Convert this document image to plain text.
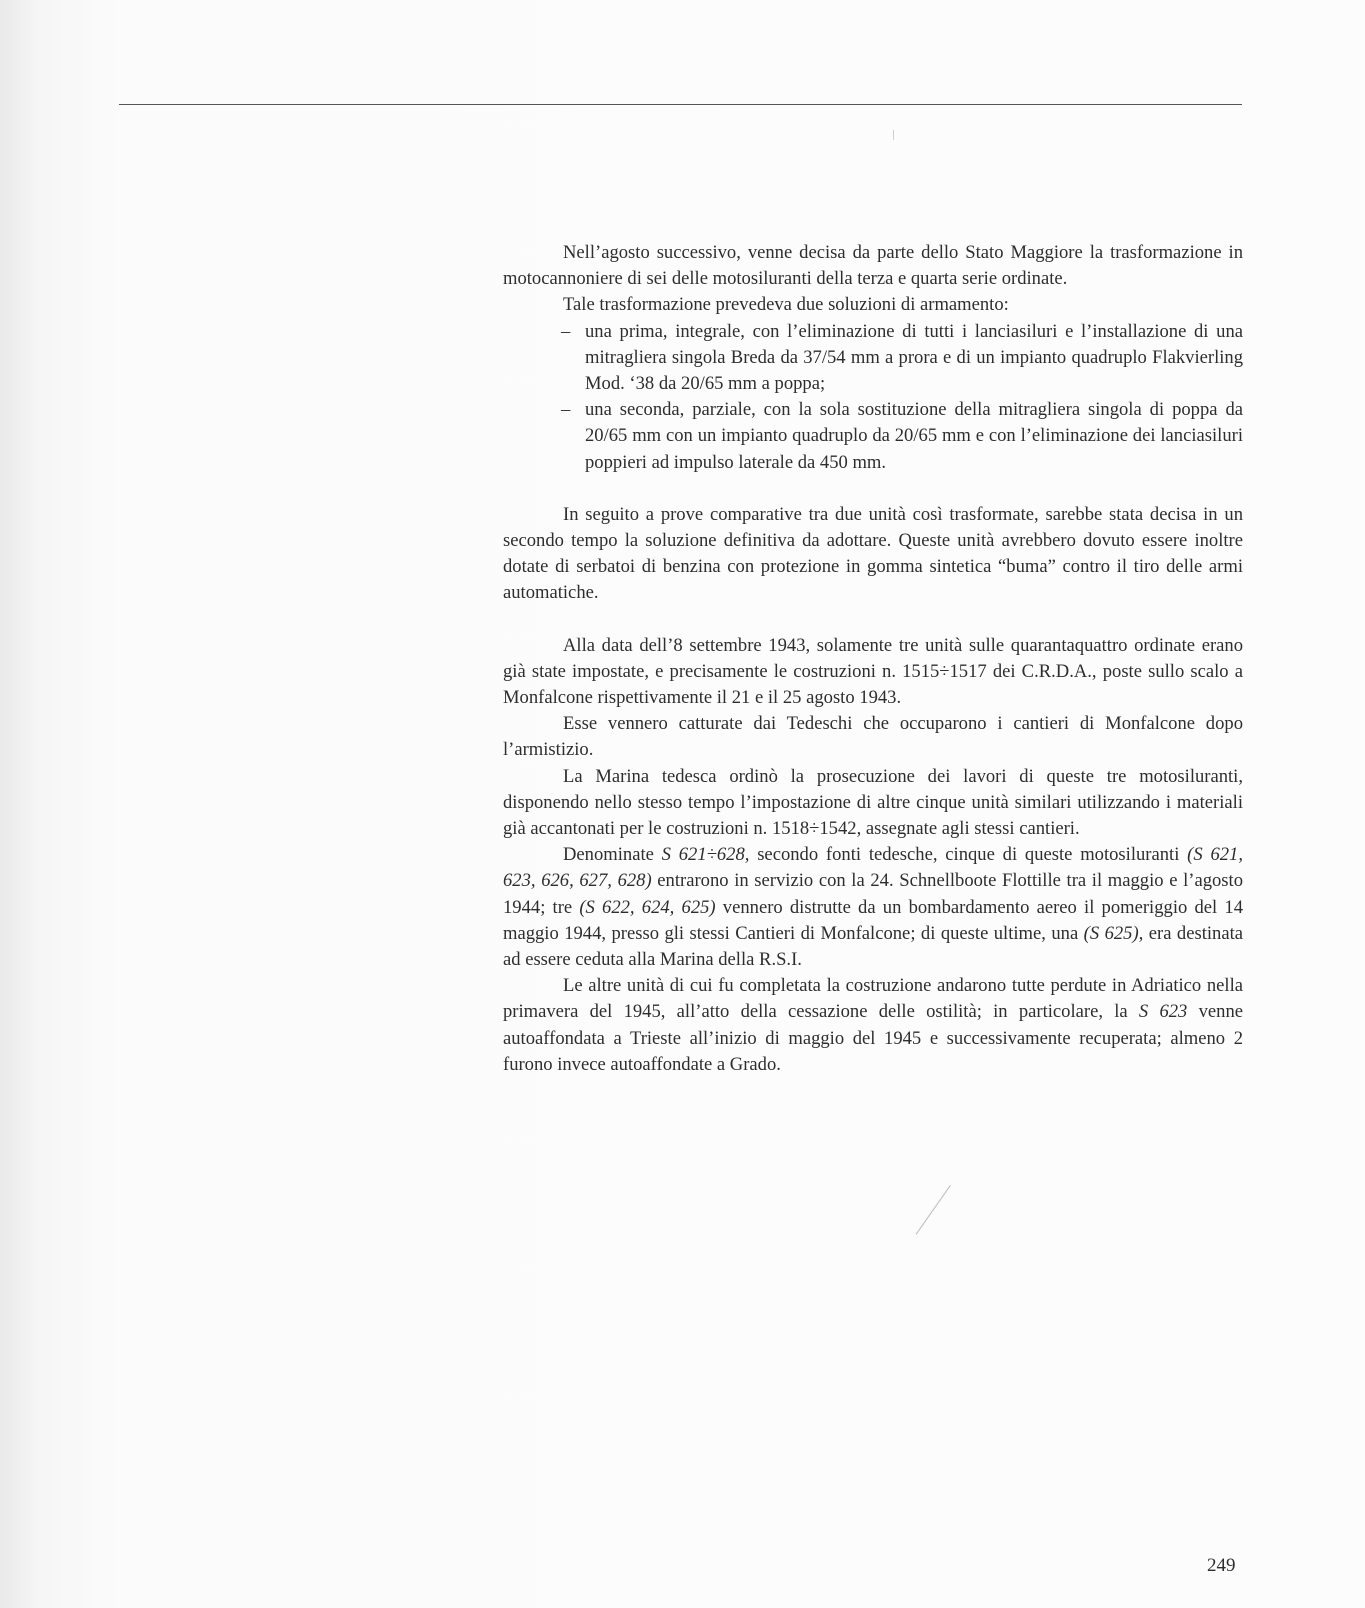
Nell’agosto successivo, venne decisa da parte dello Stato Maggiore la trasformazione in motocannoniere di sei delle motosiluranti della terza e quarta serie ordinate.

Tale trasformazione prevedeva due soluzioni di armamento:

– una prima, integrale, con l’eliminazione di tutti i lanciasiluri e l’installazione di una mitragliera singola Breda da 37/54 mm a prora e di un impianto quadruplo Flakvierling Mod. ‘38 da 20/65 mm a poppa;
– una seconda, parziale, con la sola sostituzione della mitragliera singola di poppa da 20/65 mm con un impianto quadruplo da 20/65 mm e con l’eliminazione dei lanciasiluri poppieri ad impulso laterale da 450 mm.

In seguito a prove comparative tra due unità così trasformate, sarebbe stata decisa in un secondo tempo la soluzione definitiva da adottare. Queste unità avrebbero dovuto essere inoltre dotate di serbatoi di benzina con protezione in gomma sintetica “buma” contro il tiro delle armi automatiche.

Alla data dell’8 settembre 1943, solamente tre unità sulle quarantaquattro ordinate erano già state impostate, e precisamente le costruzioni n. 1515÷1517 dei C.R.D.A., poste sullo scalo a Monfalcone rispettivamente il 21 e il 25 agosto 1943.

Esse vennero catturate dai Tedeschi che occuparono i cantieri di Monfalcone dopo l’armistizio.

La Marina tedesca ordinò la prosecuzione dei lavori di queste tre motosiluranti, disponendo nello stesso tempo l’impostazione di altre cinque unità similari utilizzando i materiali già accantonati per le costruzioni n. 1518÷1542, assegnate agli stessi cantieri.

Denominate S 621÷628, secondo fonti tedesche, cinque di queste motosiluranti (S 621, 623, 626, 627, 628) entrarono in servizio con la 24. Schnellboote Flottille tra il maggio e l’agosto 1944; tre (S 622, 624, 625) vennero distrutte da un bombardamento aereo il pomeriggio del 14 maggio 1944, presso gli stessi Cantieri di Monfalcone; di queste ultime, una (S 625), era destinata ad essere ceduta alla Marina della R.S.I.

Le altre unità di cui fu completata la costruzione andarono tutte perdute in Adriatico nella primavera del 1945, all’atto della cessazione delle ostilità; in particolare, la S 623 venne autoaffondata a Trieste all’inizio di maggio del 1945 e successivamente recuperata; almeno 2 furono invece autoaffondate a Grado.

249
